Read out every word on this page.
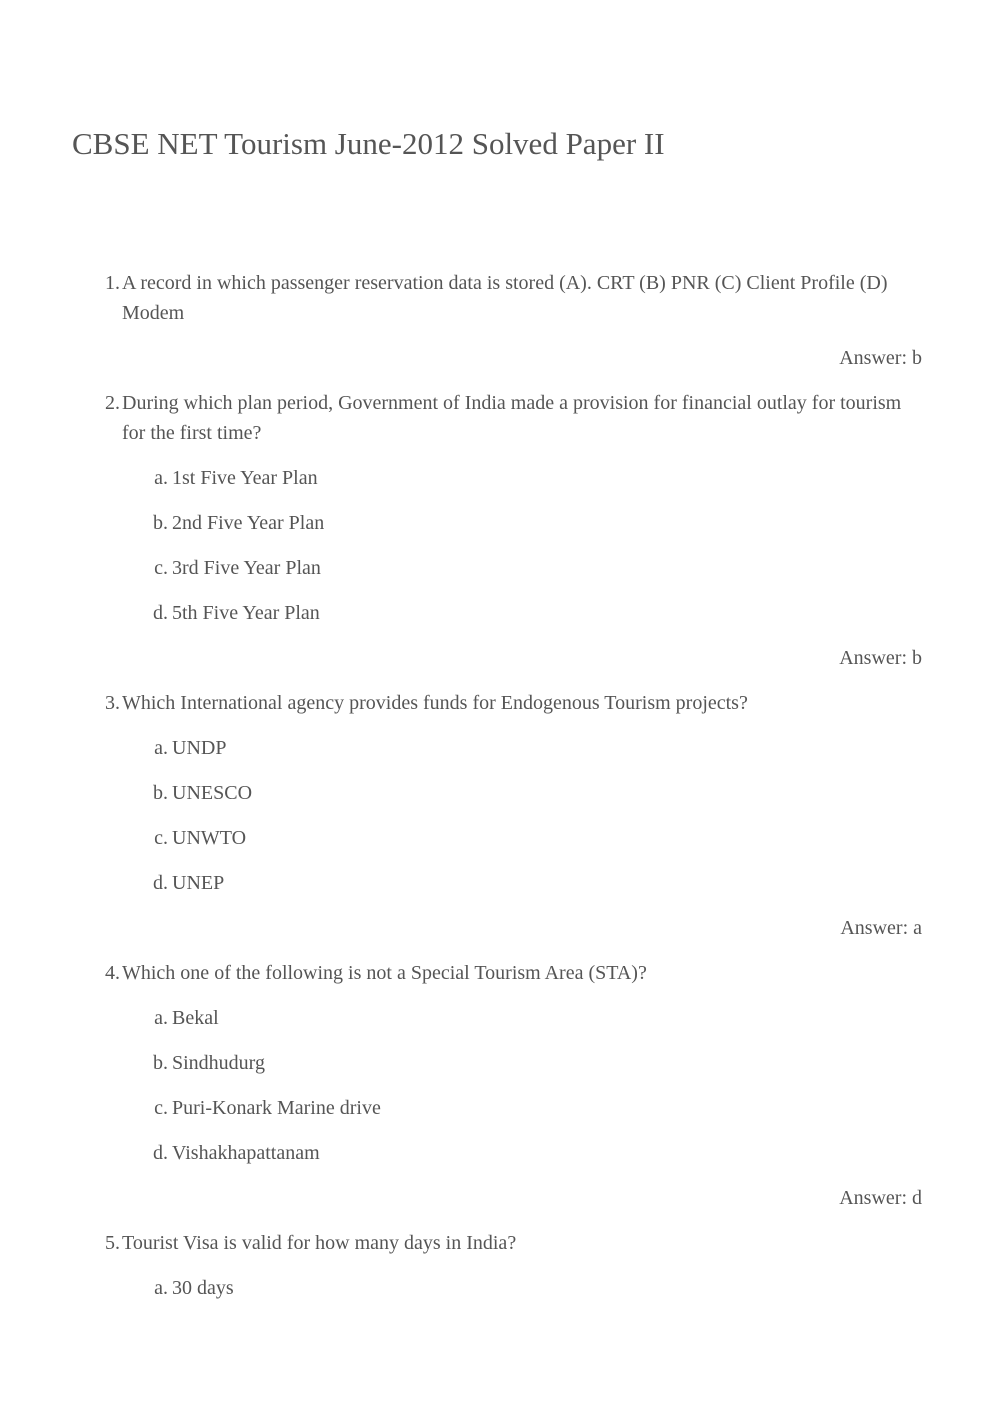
CBSE NET Tourism June-2012 Solved Paper II
1. A record in which passenger reservation data is stored (A). CRT (B) PNR (C) Client Profile (D) Modem
Answer: b
2. During which plan period, Government of India made a provision for financial outlay for tourism for the first time?
a. 1st Five Year Plan
b. 2nd Five Year Plan
c. 3rd Five Year Plan
d. 5th Five Year Plan
Answer: b
3. Which International agency provides funds for Endogenous Tourism projects?
a. UNDP
b. UNESCO
c. UNWTO
d. UNEP
Answer: a
4. Which one of the following is not a Special Tourism Area (STA)?
a. Bekal
b. Sindhudurg
c. Puri-Konark Marine drive
d. Vishakhapattanam
Answer: d
5. Tourist Visa is valid for how many days in India?
a. 30 days
